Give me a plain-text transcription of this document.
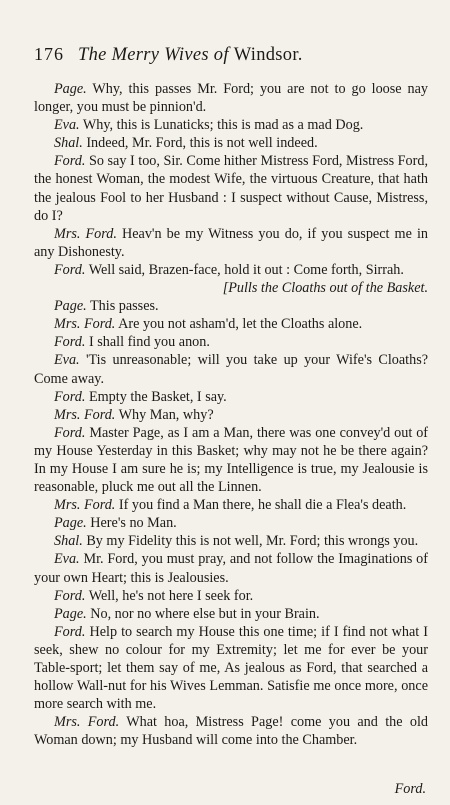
176 The Merry Wives of Windsor.

Page. Why, this passes Mr. Ford; you are not to go loose nay longer, you must be pinnion'd.

Eva. Why, this is Lunaticks; this is mad as a mad Dog.

Shal. Indeed, Mr. Ford, this is not well indeed.

Ford. So say I too, Sir. Come hither Mistress Ford, Mistress Ford, the honest Woman, the modest Wife, the virtuous Creature, that hath the jealous Fool to her Husband : I suspect without Cause, Mistress, do I?

Mrs. Ford. Heav'n be my Witness you do, if you suspect me in any Dishonesty.

Ford. Well said, Brazen-face, hold it out : Come forth, Sirrah.
[Pulls the Cloaths out of the Basket.

Page. This passes.

Mrs. Ford. Are you not asham'd, let the Cloaths alone.

Ford. I shall find you anon.

Eva. 'Tis unreasonable; will you take up your Wife's Cloaths? Come away.

Ford. Empty the Basket, I say.

Mrs. Ford. Why Man, why?

Ford. Master Page, as I am a Man, there was one convey'd out of my House Yesterday in this Basket; why may not he be there again? In my House I am sure he is; my Intelligence is true, my Jealousie is reasonable, pluck me out all the Linnen.

Mrs. Ford. If you find a Man there, he shall die a Flea's death.

Page. Here's no Man.

Shal. By my Fidelity this is not well, Mr. Ford; this wrongs you.

Eva. Mr. Ford, you must pray, and not follow the Imaginations of your own Heart; this is Jealousies.

Ford. Well, he's not here I seek for.

Page. No, nor no where else but in your Brain.

Ford. Help to search my House this one time; if I find not what I seek, shew no colour for my Extremity; let me for ever be your Table-sport; let them say of me, As jealous as Ford, that searched a hollow Wall-nut for his Wives Lemman. Satisfie me once more, once more search with me.

Mrs. Ford. What hoa, Mistress Page! come you and the old Woman down; my Husband will come into the Chamber.

Ford.
